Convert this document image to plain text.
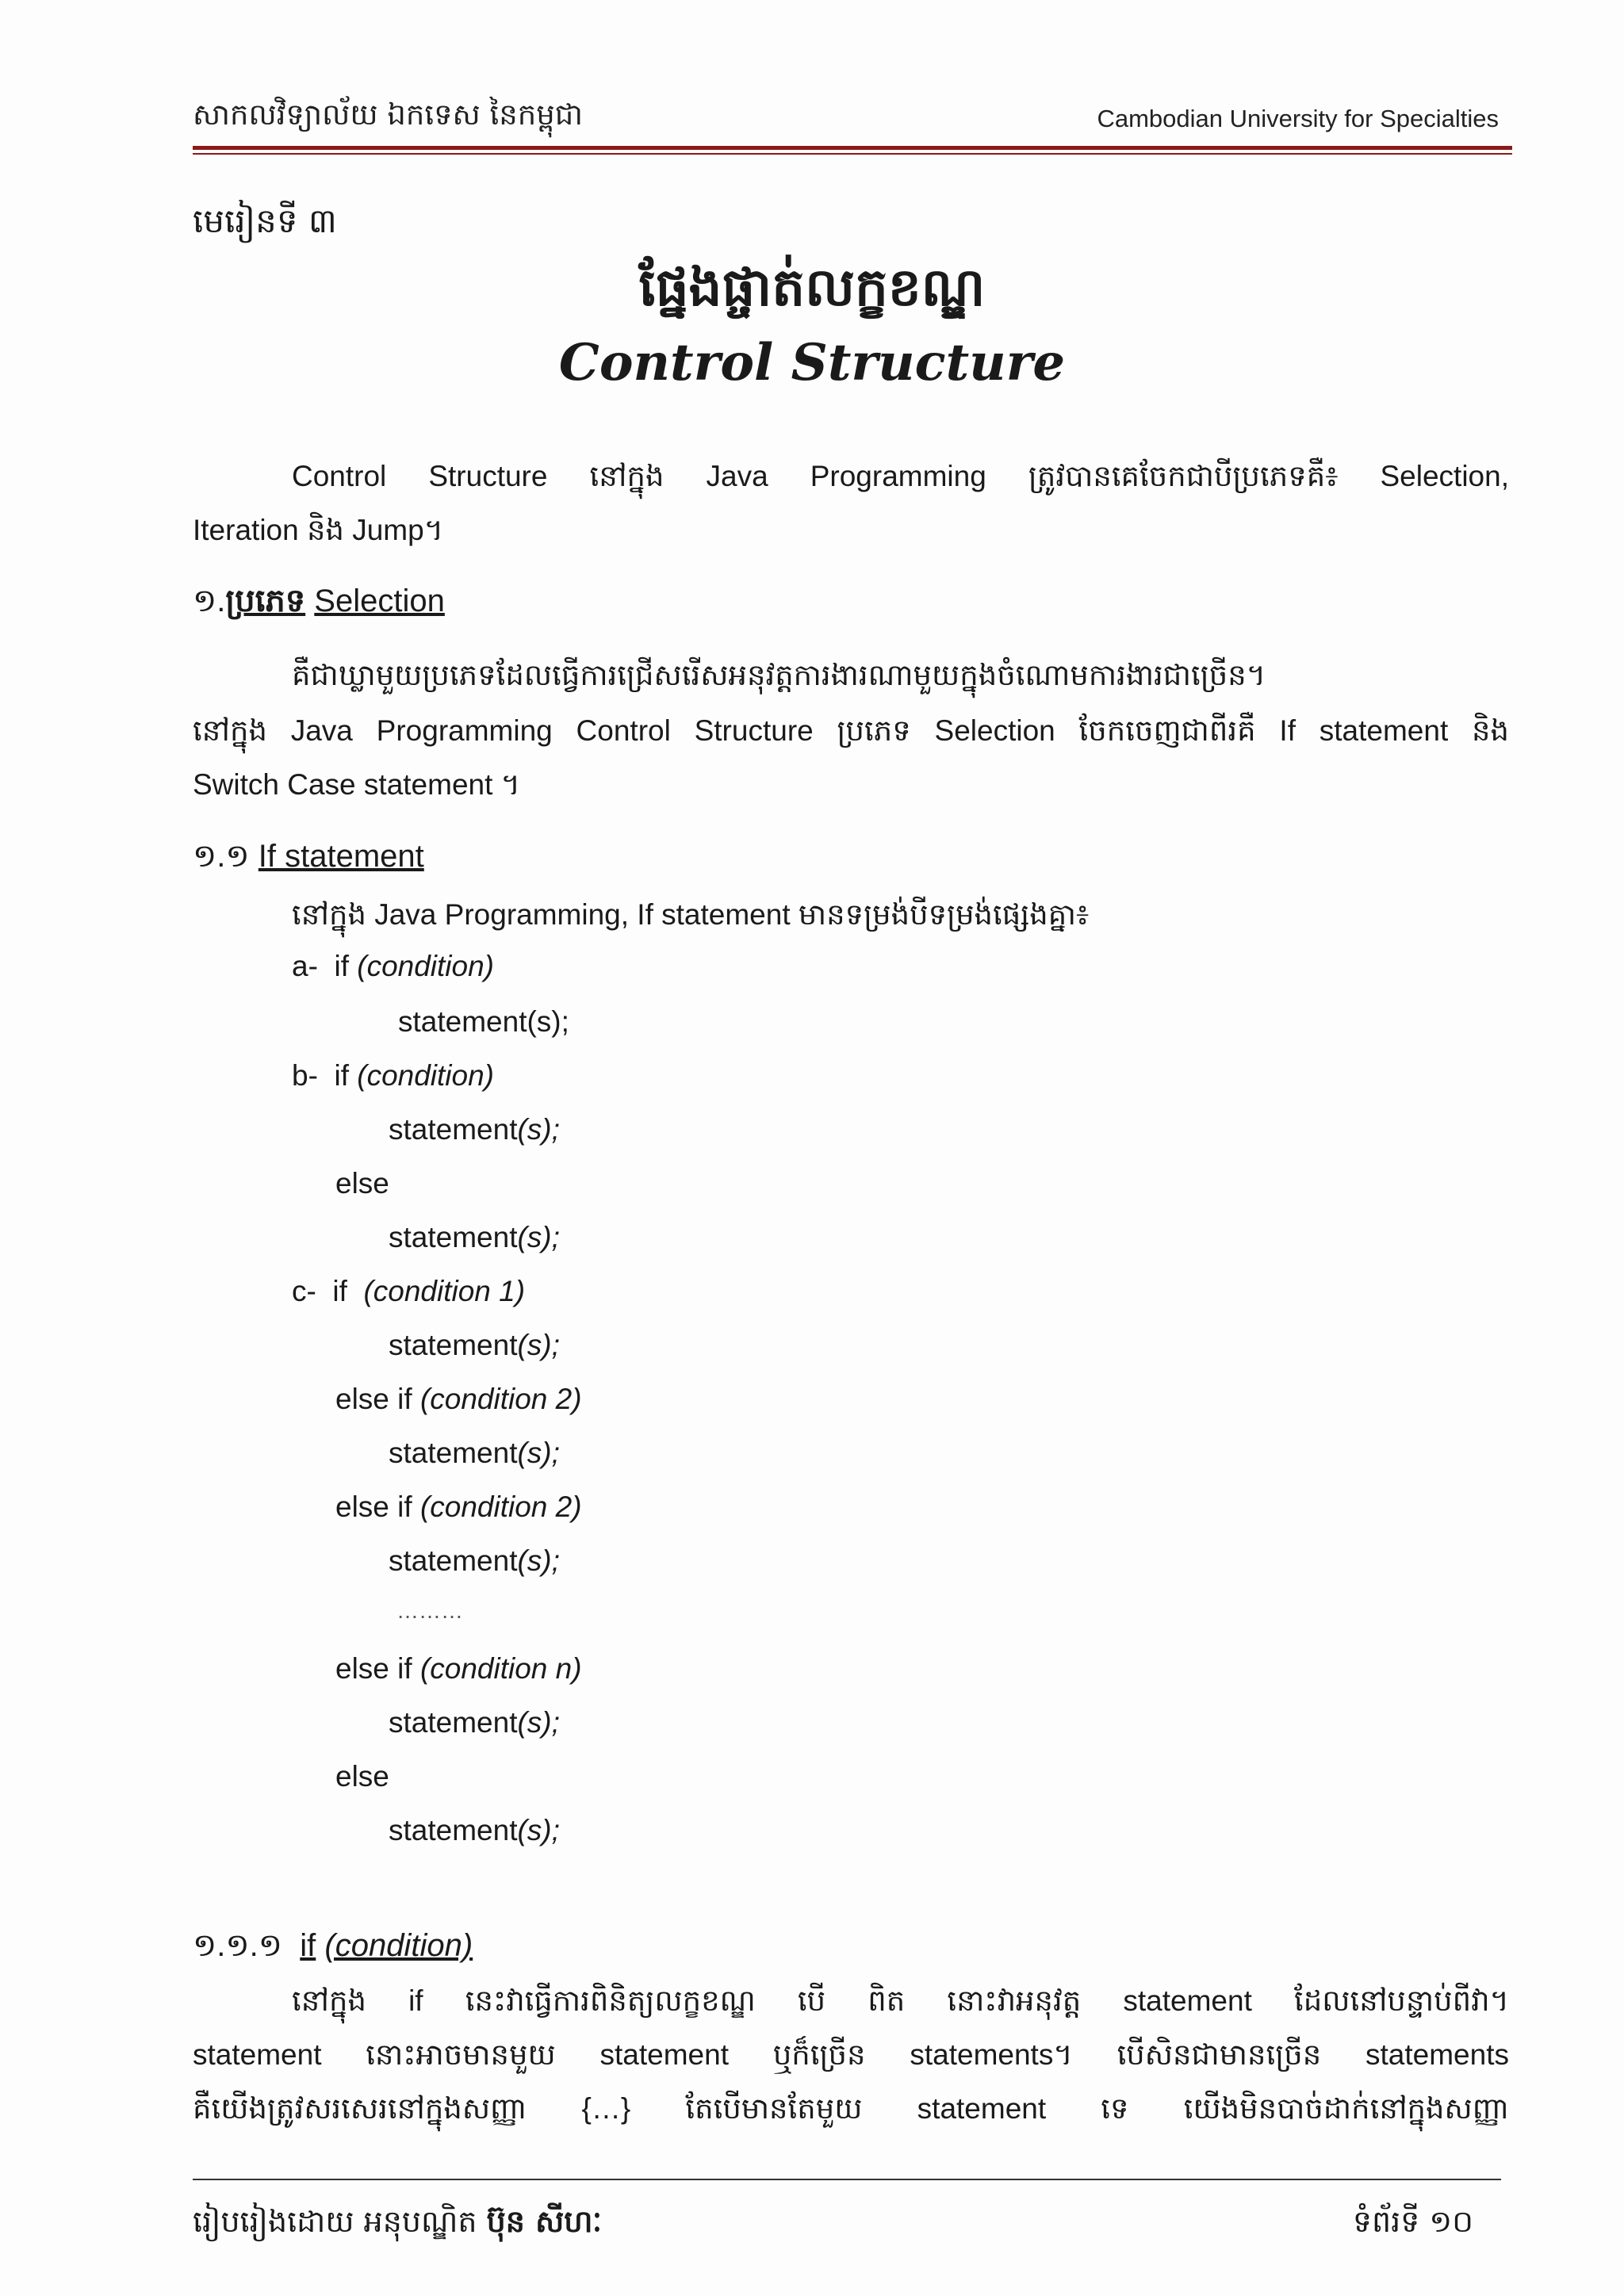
សាកលវិទ្យាល័យ ឯកទេស នៃកម្ពុជា	Cambodian University for Specialties
មេរៀនទី ៣
ផ្នែងផ្ចាត់លក្ខខណ្ឌ
Control Structure
Control Structure នៅក្នុង Java Programming ត្រូវបានគេចែកជាបីប្រភេទគឺ៖ Selection,
Iteration និង Jump។
១.ប្រភេទ Selection
គឺជាឃ្លាមួយប្រភេទដែលធ្វើការជ្រើសរើសអនុវត្តការងារណាមួយក្នុងចំណោមការងារជាច្រើន។
នៅក្នុង Java Programming Control Structure ប្រភេទ Selection ចែកចេញជាពីរគឺ If statement និង
Switch Case statement ។
១.១ If statement
នៅក្នុង Java Programming, If statement មានទម្រង់បីទម្រង់ផ្សេងគ្នា៖
a- if (condition)
statement(s);
b- if (condition)
statement(s);
else
statement(s);
c- if (condition 1)
statement(s);
else if (condition 2)
statement(s);
else if (condition 2)
statement(s);
………
else if (condition n)
statement(s);
else
statement(s);
១.១.១ if (condition)
នៅក្នុង if នេះវាធ្វើការពិនិត្យលក្ខខណ្ឌ បើ ពិត នោះវាអនុវត្ត statement ដែលនៅបន្ទាប់ពីវា។
statement នោះអាចមានមួយ statement ឬក៏ច្រើន statements។ បើសិនជាមានច្រើន statements
គឺយើងត្រូវសរសេរនៅក្នុងសញ្ញា {…} តែបើមានតែមួយ statement ទេ យើងមិនបាច់ដាក់នៅក្នុងសញ្ញា
រៀបរៀងដោយ អនុបណ្ឌិត ប៊ុន សីហៈ	ទំព័រទី ១០
